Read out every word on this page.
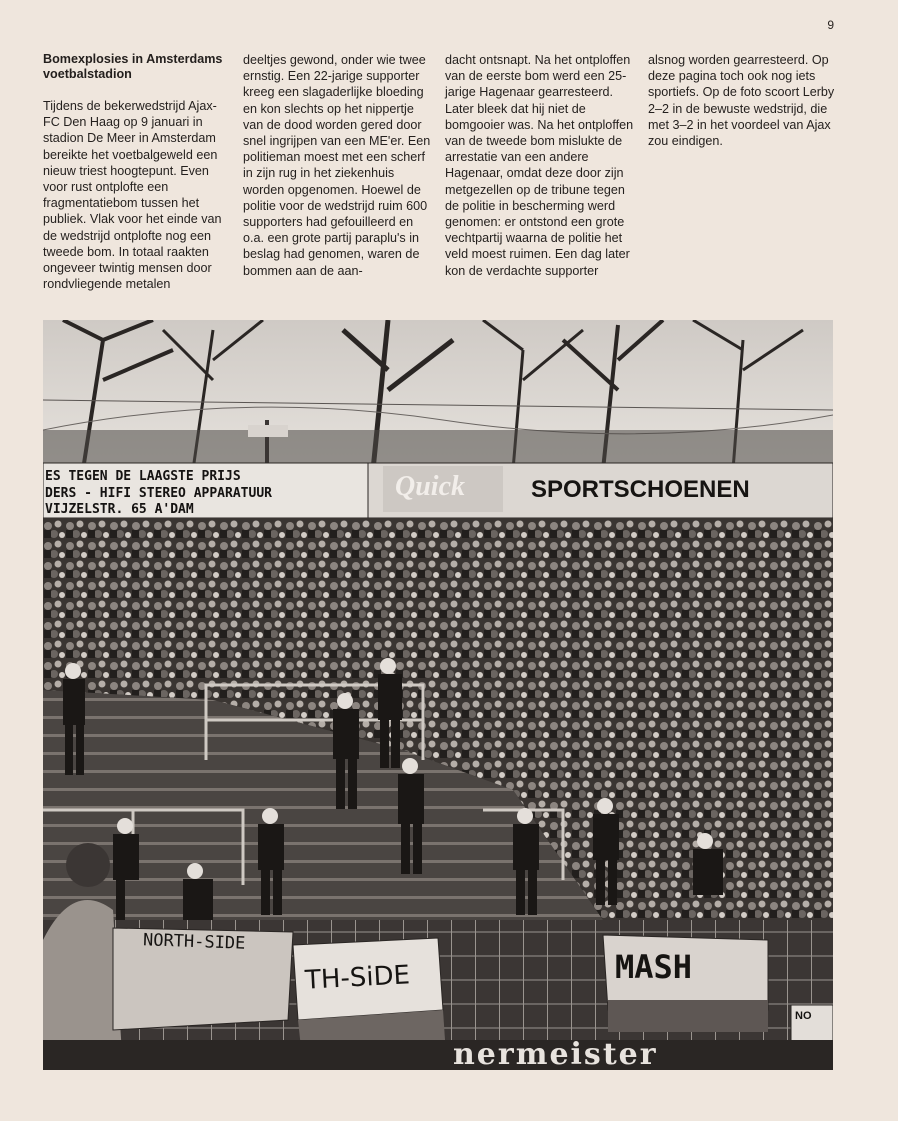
9

Bomexplosies in Amsterdams voetbalstadion

Tijdens de bekerwedstrijd Ajax-FC Den Haag op 9 januari in stadion De Meer in Amsterdam bereikte het voetbalgeweld een nieuw triest hoogtepunt. Even voor rust ontplofte een fragmentatiebom tussen het publiek. Vlak voor het einde van de wedstrijd ontplofte nog een tweede bom. In totaal raakten ongeveer twintig mensen door rondvliegende metalen

deeltjes gewond, onder wie twee ernstig. Een 22-jarige supporter kreeg een slagaderlijke bloeding en kon slechts op het nippertje van de dood worden gered door snel ingrijpen van een ME'er. Een politieman moest met een scherf in zijn rug in het ziekenhuis worden opgenomen. Hoewel de politie voor de wedstrijd ruim 600 supporters had gefouilleerd en o.a. een grote partij paraplu's in beslag had genomen, waren de bommen aan de aan-

dacht ontsnapt. Na het ontploffen van de eerste bom werd een 25-jarige Hagenaar gearresteerd. Later bleek dat hij niet de bomgooier was. Na het ontploffen van de tweede bom mislukte de arrestatie van een andere Hagenaar, omdat deze door zijn metgezellen op de tribune tegen de politie in bescherming werd genomen: er ontstond een grote vechtpartij waarna de politie het veld moest ruimen. Een dag later kon de verdachte supporter

alsnog worden gearresteerd. Op deze pagina toch ook nog iets sportiefs. Op de foto scoort Lerby 2–2 in de bewuste wedstrijd, die met 3–2 in het voordeel van Ajax zou eindigen.

ES TEGEN DE LAAGSTE PRIJS
DERS - HIFI STEREO APPARATUUR
VIJZELSTR. 65 A'DAM
Quick	SPORTSCHOENEN
NORTH-SIDE
TH-SiDE	MASH
NO
nermeister
